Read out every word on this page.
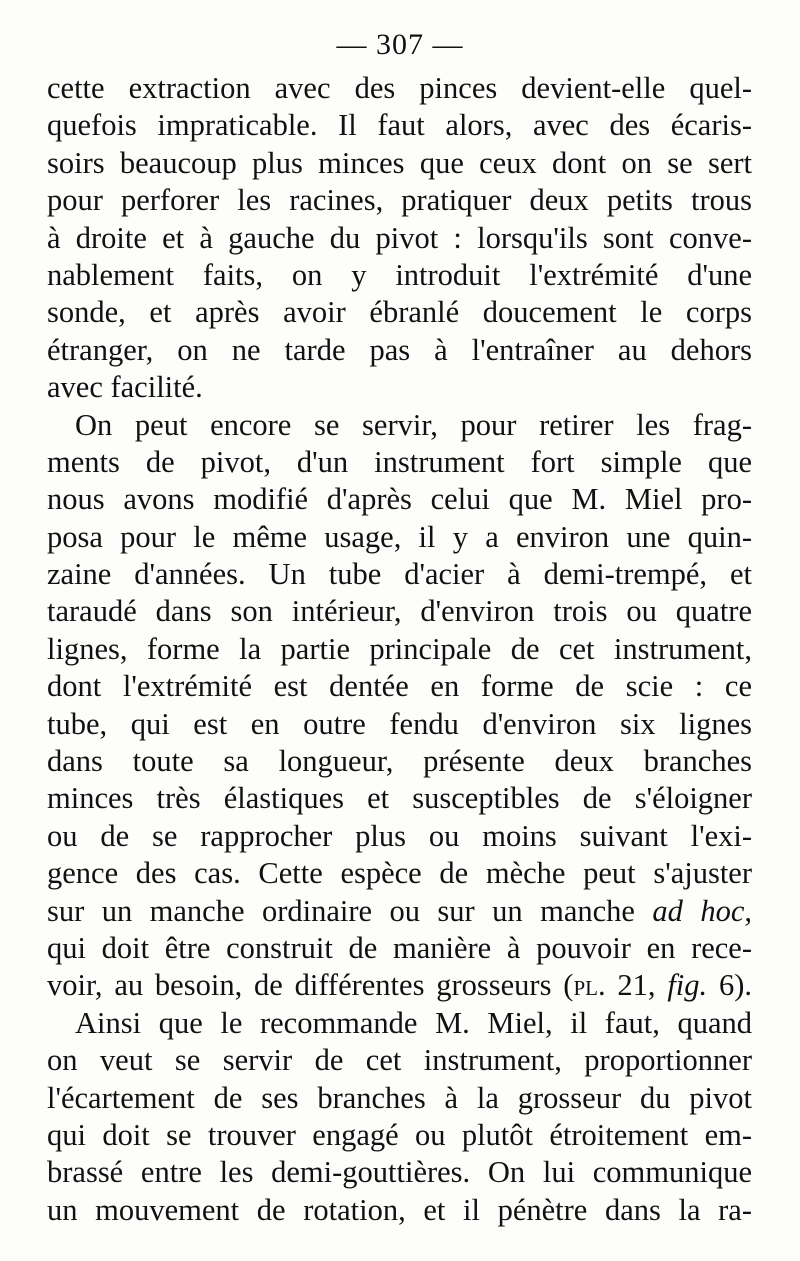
— 307 —
cette extraction avec des pinces devient-elle quel-
quefois impraticable. Il faut alors, avec des écaris-
soirs beaucoup plus minces que ceux dont on se sert
pour perforer les racines, pratiquer deux petits trous
à droite et à gauche du pivot : lorsqu'ils sont conve-
nablement faits, on y introduit l'extrémité d'une
sonde, et après avoir ébranlé doucement le corps
étranger, on ne tarde pas à l'entraîner au dehors
avec facilité.
On peut encore se servir, pour retirer les frag-
ments de pivot, d'un instrument fort simple que
nous avons modifié d'après celui que M. Miel pro-
posa pour le même usage, il y a environ une quin-
zaine d'années. Un tube d'acier à demi-trempé, et
taraudé dans son intérieur, d'environ trois ou quatre
lignes, forme la partie principale de cet instrument,
dont l'extrémité est dentée en forme de scie : ce
tube, qui est en outre fendu d'environ six lignes
dans toute sa longueur, présente deux branches
minces très élastiques et susceptibles de s'éloigner
ou de se rapprocher plus ou moins suivant l'exi-
gence des cas. Cette espèce de mèche peut s'ajuster
sur un manche ordinaire ou sur un manche ad hoc,
qui doit être construit de manière à pouvoir en rece-
voir, au besoin, de différentes grosseurs (pl. 21, fig. 6).
Ainsi que le recommande M. Miel, il faut, quand
on veut se servir de cet instrument, proportionner
l'écartement de ses branches à la grosseur du pivot
qui doit se trouver engagé ou plutôt étroitement em-
brassé entre les demi-gouttières. On lui communique
un mouvement de rotation, et il pénètre dans la ra-
